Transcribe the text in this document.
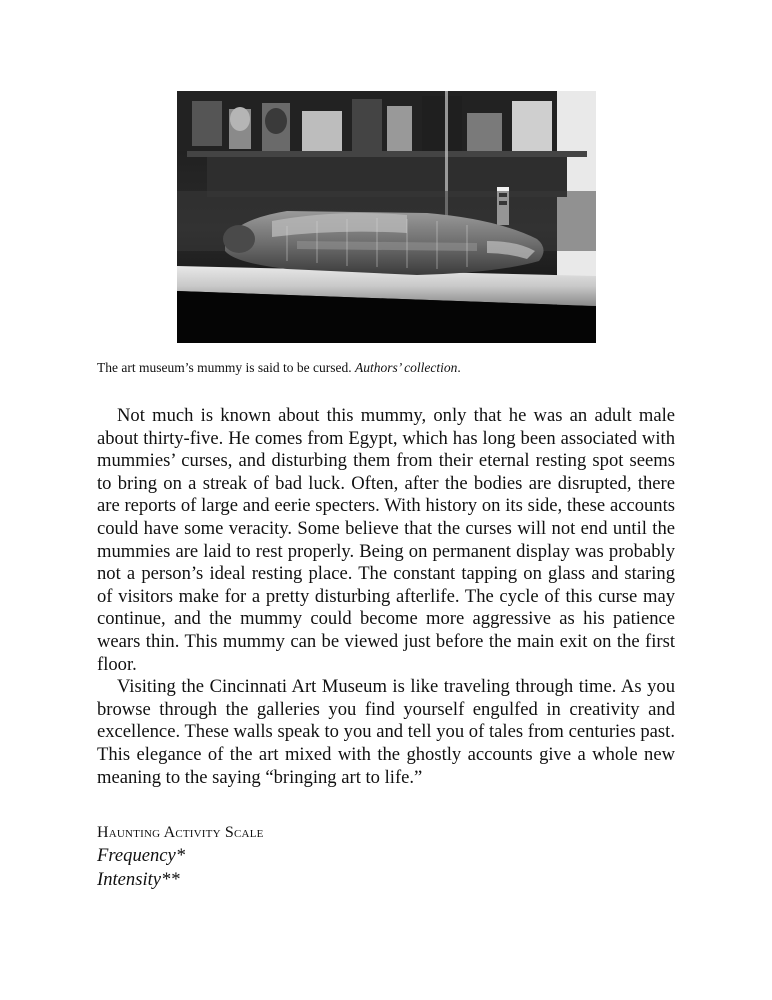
The art museum’s mummy is said to be cursed. Authors’ collection.

Not much is known about this mummy, only that he was an adult male about thirty-five. He comes from Egypt, which has long been associated with mummies’ curses, and disturbing them from their eternal resting spot seems to bring on a streak of bad luck. Often, after the bodies are disrupted, there are reports of large and eerie specters. With history on its side, these accounts could have some veracity. Some believe that the curses will not end until the mummies are laid to rest properly. Being on permanent display was probably not a person’s ideal resting place. The constant tapping on glass and staring of visitors make for a pretty disturbing afterlife. The cycle of this curse may continue, and the mummy could become more aggressive as his patience wears thin. This mummy can be viewed just before the main exit on the first floor.

Visiting the Cincinnati Art Museum is like traveling through time. As you browse through the galleries you find yourself engulfed in creativity and excellence. These walls speak to you and tell you of tales from centuries past. This elegance of the art mixed with the ghostly accounts give a whole new meaning to the saying “bringing art to life.”

Haunting Activity Scale
Frequency*
Intensity**
